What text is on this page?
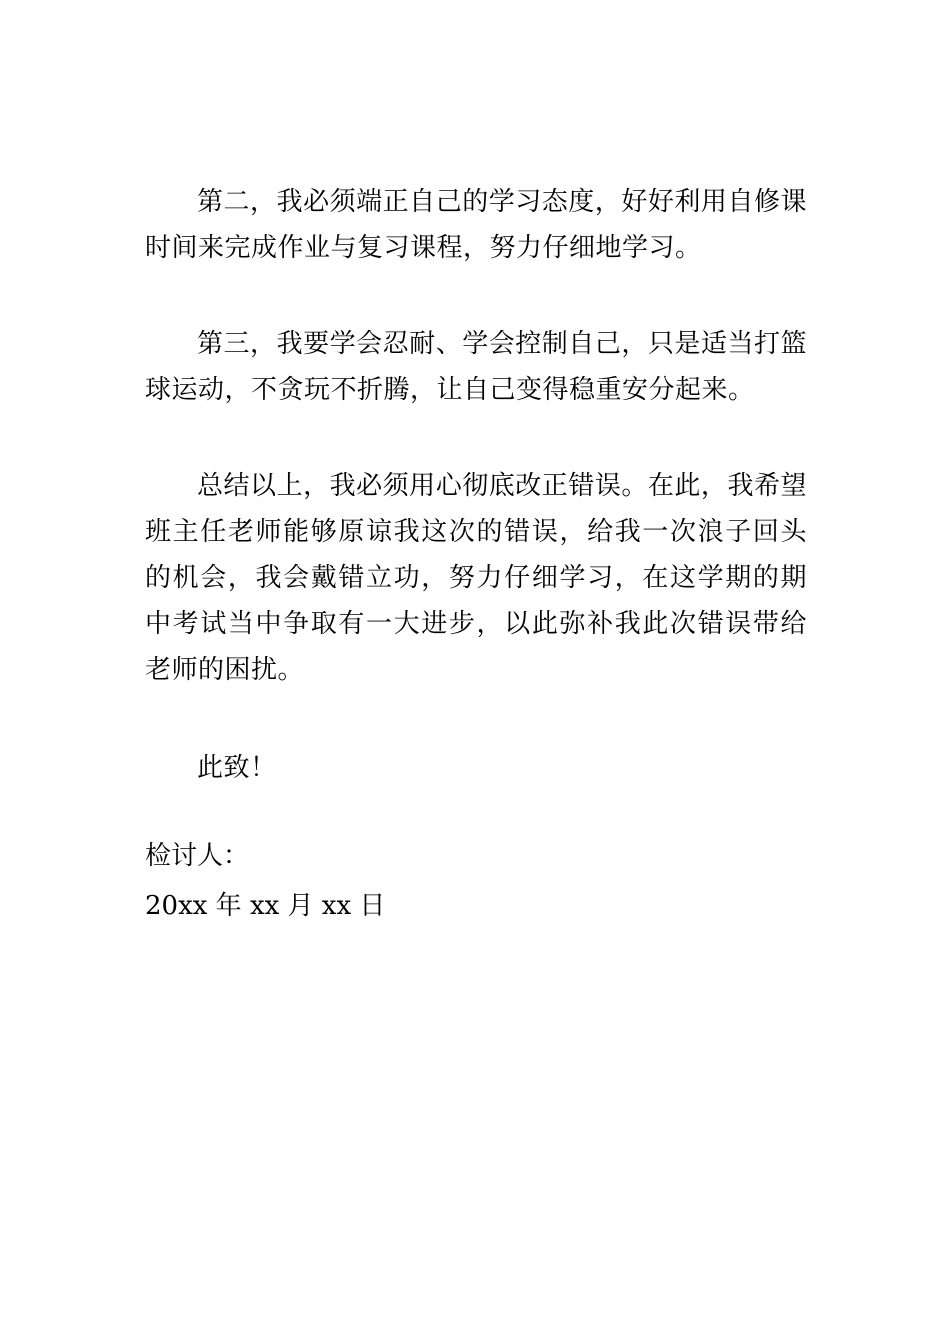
第二，我必须端正自己的学习态度，好好利用自修课时间来完成作业与复习课程，努力仔细地学习。

第三，我要学会忍耐、学会控制自己，只是适当打篮球运动，不贪玩不折腾，让自己变得稳重安分起来。

总结以上，我必须用心彻底改正错误。在此，我希望班主任老师能够原谅我这次的错误，给我一次浪子回头的机会，我会戴错立功，努力仔细学习，在这学期的期中考试当中争取有一大进步，以此弥补我此次错误带给老师的困扰。

此致！

检讨人：

20xx 年 xx 月 xx 日
